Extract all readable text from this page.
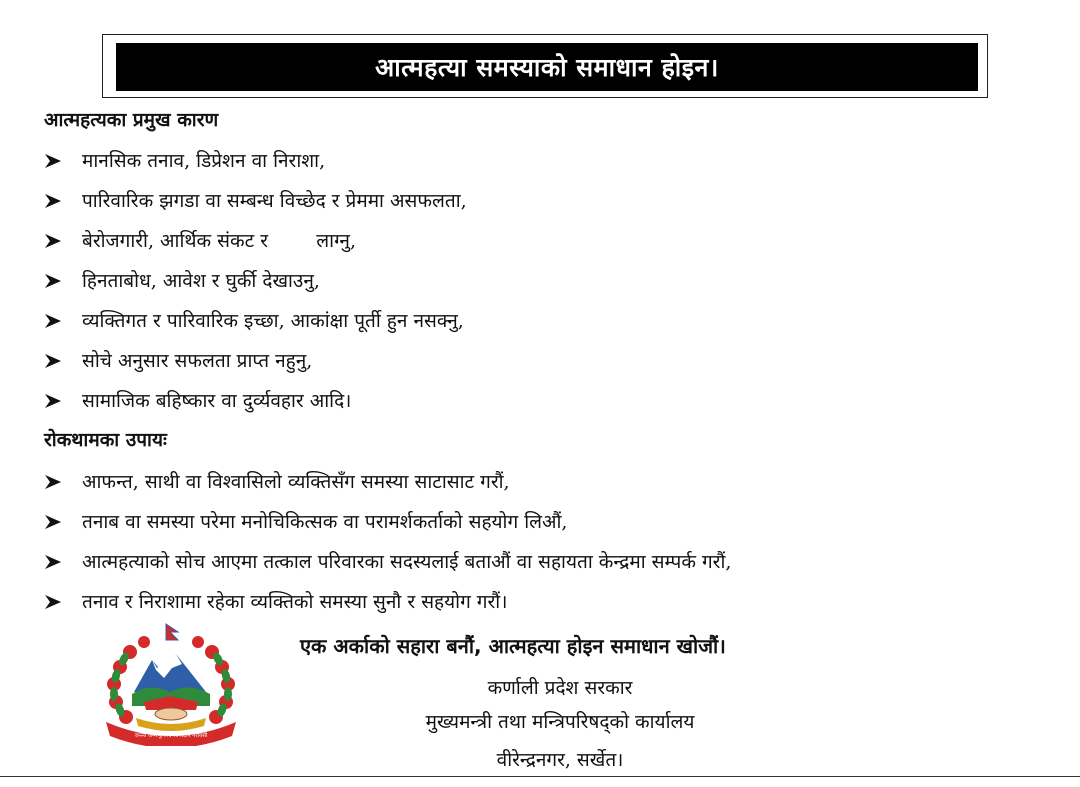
आत्महत्या समस्याको समाधान होइन।
आत्महत्यका प्रमुख कारण
मानसिक तनाव, डिप्रेशन वा निराशा,
पारिवारिक झगडा वा सम्बन्ध विच्छेद र प्रेममा असफलता,
बेरोजगारी, आर्थिक संकट र        लाग्नु,
हिनताबोध, आवेश र घुर्की देखाउनु,
व्यक्तिगत र पारिवारिक इच्छा, आकांक्षा पूर्ती हुन नसक्नु,
सोचे अनुसार सफलता प्राप्त नहुनु,
सामाजिक बहिष्कार वा दुर्व्यवहार आदि।
रोकथामका उपायः
आफन्त, साथी वा विश्वासिलो व्यक्तिसँग समस्या साटासाट गरौं,
तनाब वा समस्या परेमा मनोचिकित्सक वा परामर्शकर्ताको सहयोग लिऔं,
आत्महत्याको सोच आएमा तत्काल परिवारका सदस्यलाई बताऔं वा सहायता केन्द्रमा सम्पर्क गरौं,
तनाव र निराशामा रहेका व्यक्तिको समस्या सुनौ र सहयोग गरौं।
जननी जन्मभूमिश्च स्वर्गादपि गरीयसी
एक अर्काको सहारा बनौं, आत्महत्या होइन समाधान खोजौं।
कर्णाली प्रदेश सरकार
मुख्यमन्त्री तथा मन्त्रिपरिषद्को कार्यालय
वीरेन्द्रनगर, सर्खेत।
